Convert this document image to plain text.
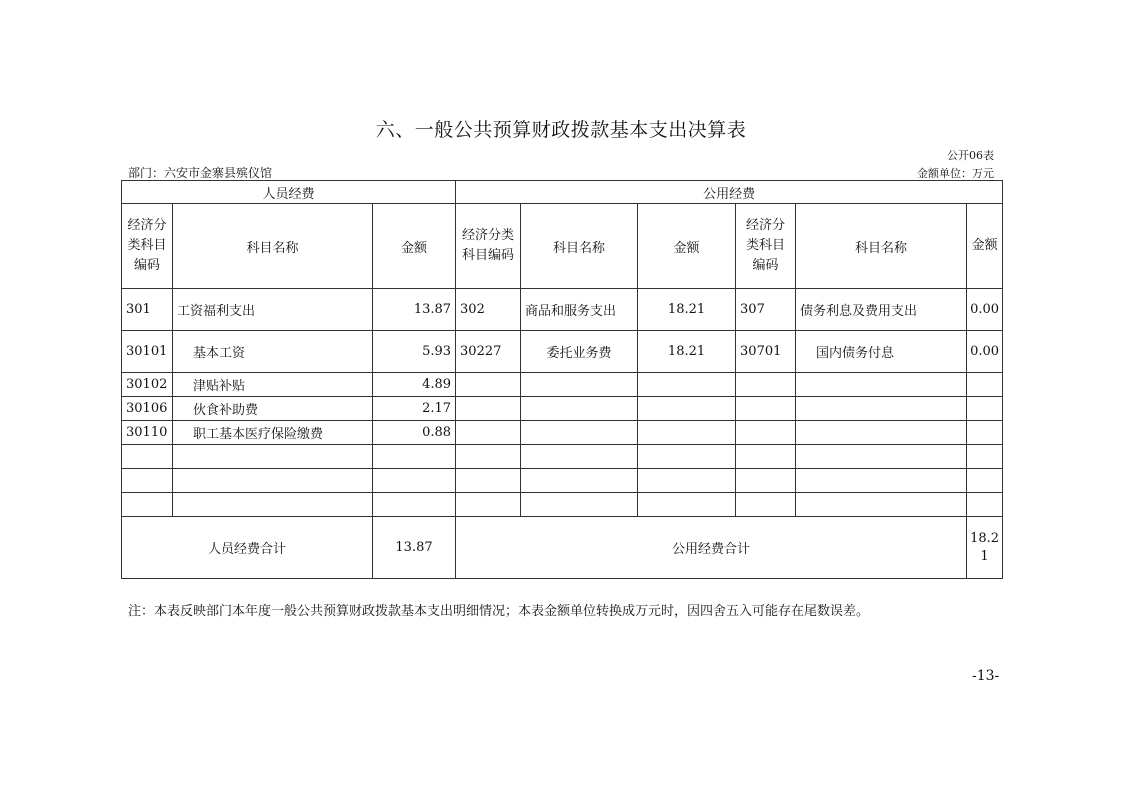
六、一般公共预算财政拨款基本支出决算表
公开06表
部门：六安市金寨县殡仪馆	金额单位：万元
人员经费			公用经费					
经济分类科目编码	科目名称	金额	经济分类科目编码	科目名称	金额	经济分类科目编码	科目名称	金额
301	工资福利支出	13.87	302	商品和服务支出	18.21	307	债务利息及费用支出	0.00
30101	基本工资	5.93	30227	委托业务费	18.21	30701	国内债务付息	0.00
30102	津贴补贴	4.89						
30106	伙食补助费	2.17						
30110	职工基本医疗保险缴费	0.88						

人员经费合计		13.87	公用经费合计					18.21
注：本表反映部门本年度一般公共预算财政拨款基本支出明细情况；本表金额单位转换成万元时，因四舍五入可能存在尾数误差。
-13-
